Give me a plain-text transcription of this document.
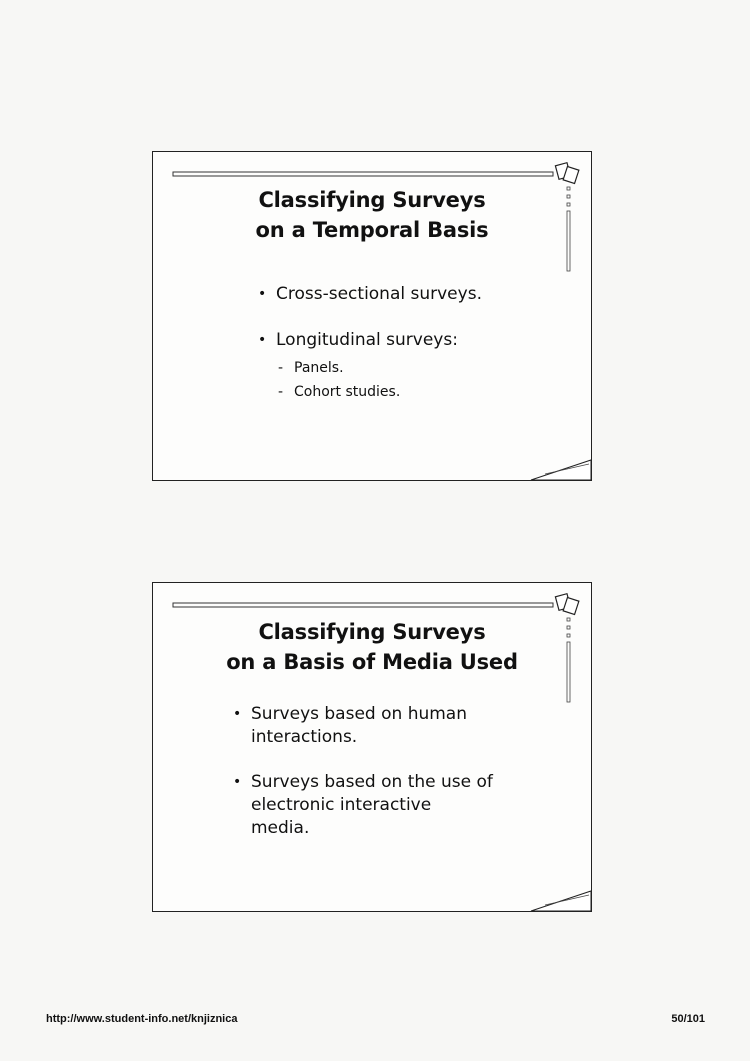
Classifying Surveys
on a Temporal Basis
• Cross-sectional surveys.
• Longitudinal surveys:
- Panels.
- Cohort studies.
Classifying Surveys
on a Basis of Media Used
• Surveys based on human
interactions.
• Surveys based on the use of
electronic interactive
media.
http://www.student-info.net/knjiznica	50/101
